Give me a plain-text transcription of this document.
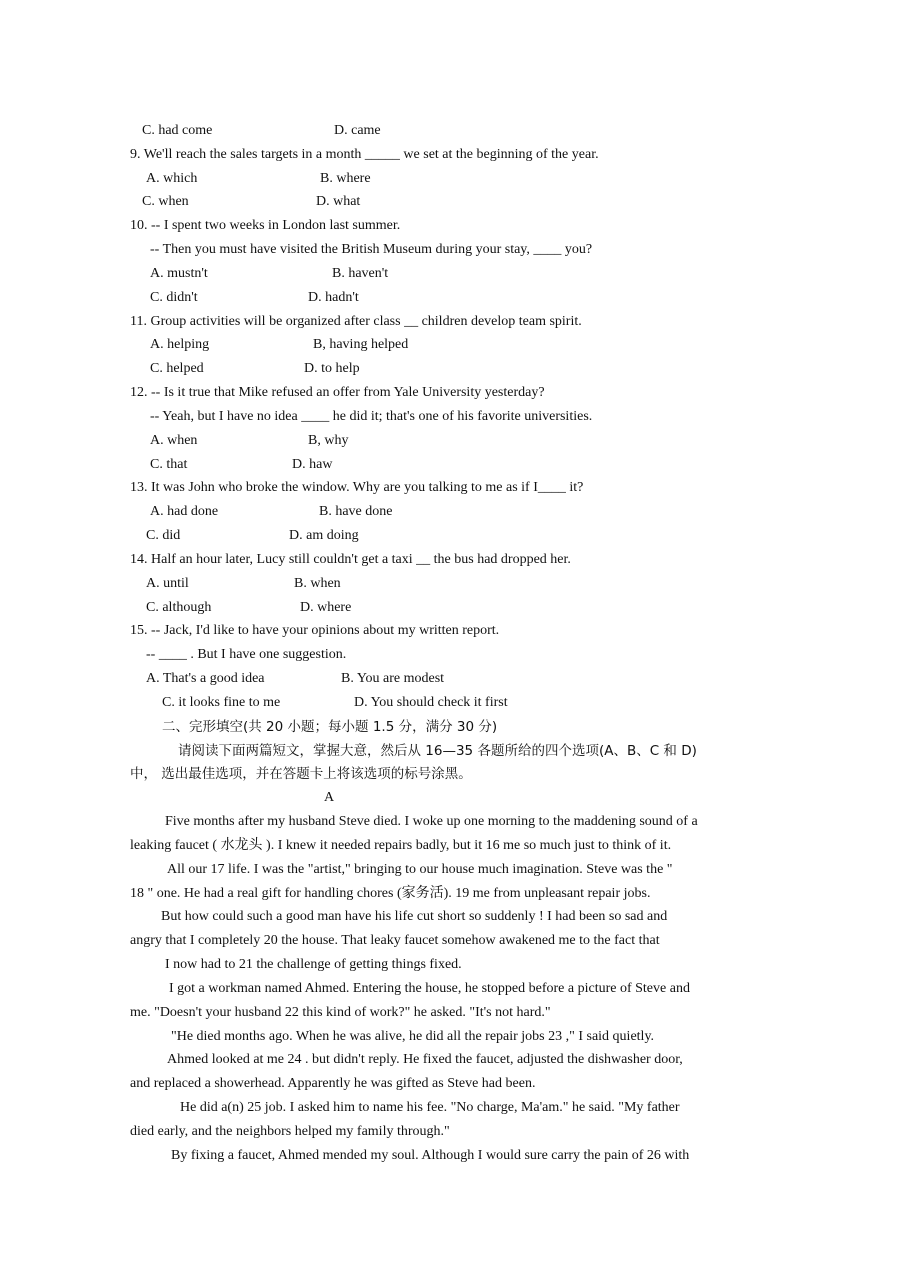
C. had come	D. came
9. We'll reach the sales targets in a month _____ we set at the beginning of the year.
A. which	B. where
C. when	D. what
10. -- I spent two weeks in London last summer.
-- Then you must have visited the British Museum during your stay, ____ you?
A. mustn't	B. haven't
C. didn't	D. hadn't
11. Group activities will be organized after class __ children develop team spirit.
A. helping	B, having helped
C. helped	D. to help
12. -- Is it true that Mike refused an offer from Yale University yesterday?
-- Yeah, but I have no idea ____ he did it; that's one of his favorite universities.
A. when	B, why
C. that	D. haw
13. It was John who broke the window. Why are you talking to me as if I____ it?
A. had done	B. have done
C. did	D. am doing
14. Half an hour later, Lucy still couldn't get a taxi __ the bus had dropped her.
A. until	B. when
C. although	D. where
15. -- Jack, I'd like to have your opinions about my written report.
-- ____ . But I have one suggestion.
A. That's a good idea	B. You are modest
C. it looks fine to me	D. You should check it first
二、完形填空(共 20 小题；每小题 1.5 分，满分 30 分)
请阅读下面两篇短文，掌握大意，然后从 16—35 各题所给的四个选项(A、B、C 和 D)
中， 选出最佳选项，并在答题卡上将该选项的标号涂黑。
A
Five months after my husband Steve died. I woke up one morning to the maddening sound of a
leaking faucet ( 水龙头 ). I knew it needed repairs badly, but it 16 me so much just to think of it.
All our 17 life. I was the "artist," bringing to our house much imagination. Steve was the "
18 " one. He had a real gift for handling chores (家务活). 19 me from unpleasant repair jobs.
But how could such a good man have his life cut short so suddenly ! I had been so sad and
angry that I completely 20 the house. That leaky faucet somehow awakened me to the fact that
I now had to 21 the challenge of getting things fixed.
I got a workman named Ahmed. Entering the house, he stopped before a picture of Steve and
me. "Doesn't your husband 22 this kind of work?" he asked. "It's not hard."
"He died months ago. When he was alive, he did all the repair jobs 23 ," I said quietly.
Ahmed looked at me 24 . but didn't reply. He fixed the faucet, adjusted the dishwasher door,
and replaced a showerhead. Apparently he was gifted as Steve had been.
He did a(n) 25 job. I asked him to name his fee. "No charge, Ma'am." he said. "My father
died early, and the neighbors helped my family through."
By fixing a faucet, Ahmed mended my soul. Although I would sure carry the pain of 26 with
